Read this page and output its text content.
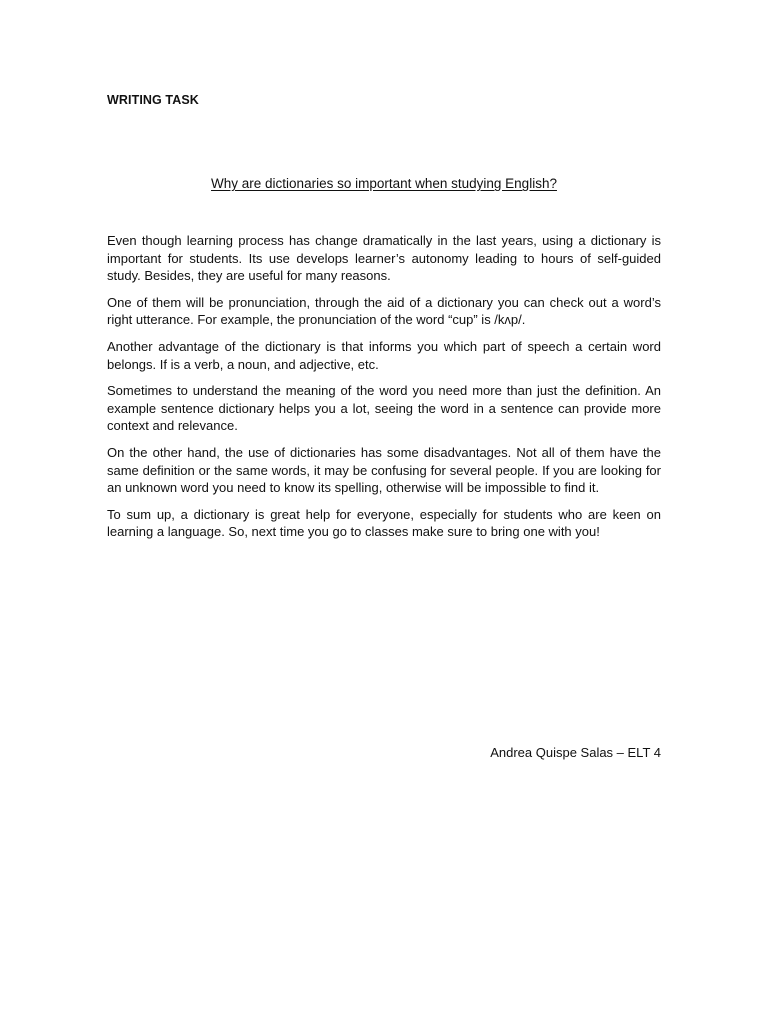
WRITING TASK
Why are dictionaries so important when studying English?

Even though learning process has change dramatically in the last years, using a dictionary is important for students. Its use develops learner’s autonomy leading to hours of self-guided study. Besides, they are useful for many reasons.

One of them will be pronunciation, through the aid of a dictionary you can check out a word’s right utterance. For example, the pronunciation of the word “cup” is /kʌp/.

Another advantage of the dictionary is that informs you which part of speech a certain word belongs. If is a verb, a noun, and adjective, etc.

Sometimes to understand the meaning of the word you need more than just the definition. An example sentence dictionary helps you a lot, seeing the word in a sentence can provide more context and relevance.

On the other hand, the use of dictionaries has some disadvantages. Not all of them have the same definition or the same words, it may be confusing for several people. If you are looking for an unknown word you need to know its spelling, otherwise will be impossible to find it.

To sum up, a dictionary is great help for everyone, especially for students who are keen on learning a language. So, next time you go to classes make sure to bring one with you!

Andrea Quispe Salas – ELT 4
